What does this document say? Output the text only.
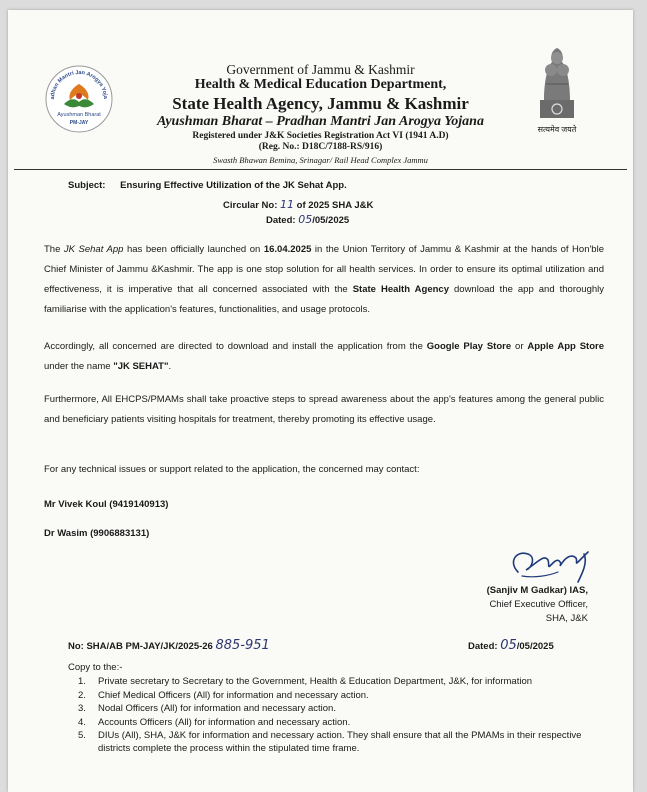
adhan Mantri Jan Arogya Yoja
Ayushman Bharat
PM-JAY
Government of Jammu & Kashmir
Health & Medical Education Department,
State Health Agency, Jammu & Kashmir
Ayushman Bharat – Pradhan Mantri Jan Arogya Yojana
Registered under J&K Societies Registration Act VI (1941 A.D)
(Reg. No.: D18C/7188-RS/916)
Swasth Bhawan Bemina, Srinagar/ Rail Head Complex Jammu
सत्यमेव जयते
Subject: Ensuring Effective Utilization of the JK Sehat App.
Circular No: 11 of 2025 SHA J&K
Dated: 05/05/2025
The JK Sehat App has been officially launched on 16.04.2025 in the Union Territory of Jammu & Kashmir at the hands of Hon'ble Chief Minister of Jammu &Kashmir. The app is one stop solution for all health services. In order to ensure its optimal utilization and effectiveness, it is imperative that all concerned associated with the State Health Agency download the app and thoroughly familiarise with the application's features, functionalities, and usage protocols.
Accordingly, all concerned are directed to download and install the application from the Google Play Store or Apple App Store under the name "JK SEHAT".
Furthermore, All EHCPS/PMAMs shall take proactive steps to spread awareness about the app's features among the general public and beneficiary patients visiting hospitals for treatment, thereby promoting its effective usage.
For any technical issues or support related to the application, the concerned may contact:
Mr Vivek Koul (9419140913)
Dr Wasim (9906883131)
(Sanjiv M Gadkar) IAS,
Chief Executive Officer,
SHA, J&K
No: SHA/AB PM-JAY/JK/2025-26 885-951	Dated: 05/05/2025
Copy to the:-
1. Private secretary to Secretary to the Government, Health & Education Department, J&K, for information
2. Chief Medical Officers (All) for information and necessary action.
3. Nodal Officers (All) for information and necessary action.
4. Accounts Officers (All) for information and necessary action.
5. DIUs (All), SHA, J&K for information and necessary action. They shall ensure that all the PMAMs in their respective districts complete the process within the stipulated time frame.
